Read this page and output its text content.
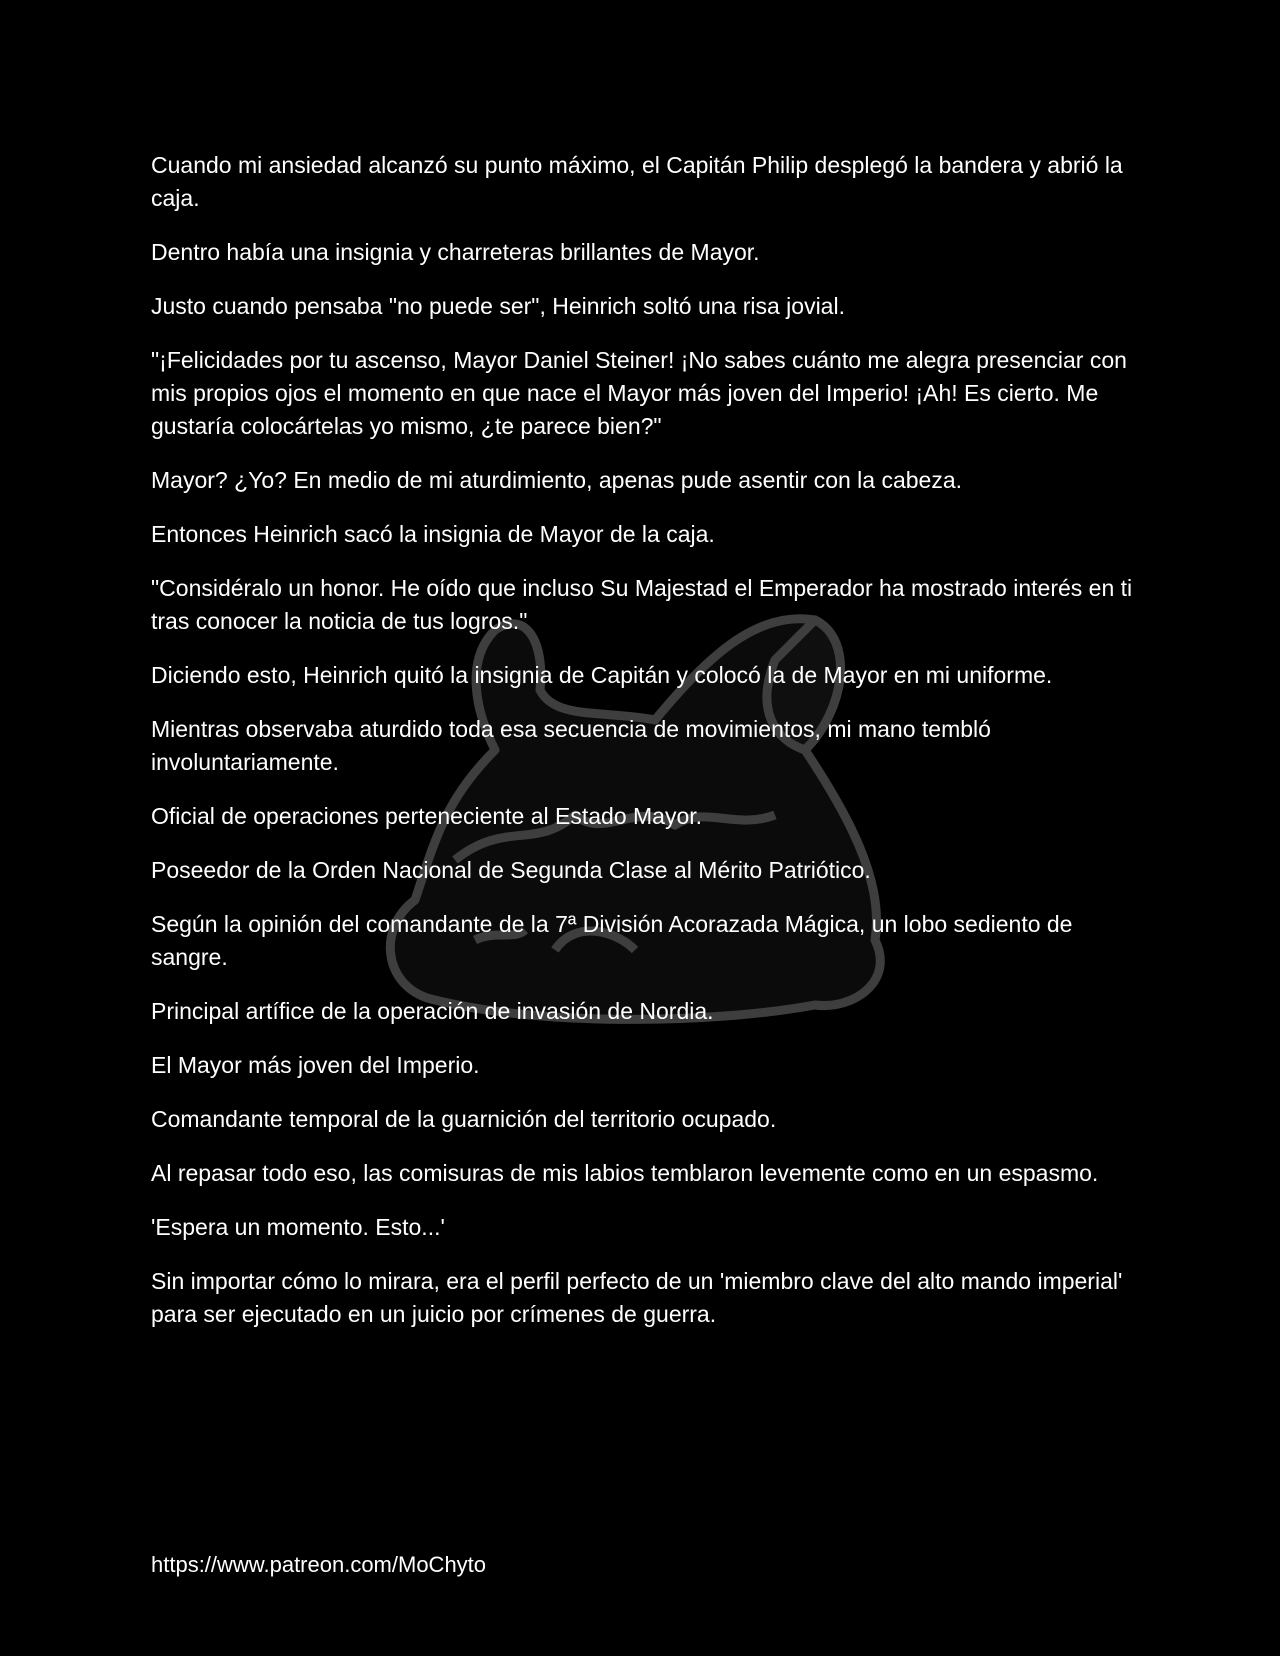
Cuando mi ansiedad alcanzó su punto máximo, el Capitán Philip desplegó la bandera y abrió la caja.

Dentro había una insignia y charreteras brillantes de Mayor.

Justo cuando pensaba "no puede ser", Heinrich soltó una risa jovial.

"¡Felicidades por tu ascenso, Mayor Daniel Steiner! ¡No sabes cuánto me alegra presenciar con mis propios ojos el momento en que nace el Mayor más joven del Imperio! ¡Ah! Es cierto. Me gustaría colocártelas yo mismo, ¿te parece bien?"

Mayor? ¿Yo? En medio de mi aturdimiento, apenas pude asentir con la cabeza.

Entonces Heinrich sacó la insignia de Mayor de la caja.

"Considéralo un honor. He oído que incluso Su Majestad el Emperador ha mostrado interés en ti tras conocer la noticia de tus logros."

Diciendo esto, Heinrich quitó la insignia de Capitán y colocó la de Mayor en mi uniforme.

Mientras observaba aturdido toda esa secuencia de movimientos, mi mano tembló involuntariamente.

Oficial de operaciones perteneciente al Estado Mayor.

Poseedor de la Orden Nacional de Segunda Clase al Mérito Patriótico.

Según la opinión del comandante de la 7ª División Acorazada Mágica, un lobo sediento de sangre.

Principal artífice de la operación de invasión de Nordia.

El Mayor más joven del Imperio.

Comandante temporal de la guarnición del territorio ocupado.

Al repasar todo eso, las comisuras de mis labios temblaron levemente como en un espasmo.

'Espera un momento. Esto...'

Sin importar cómo lo mirara, era el perfil perfecto de un 'miembro clave del alto mando imperial' para ser ejecutado en un juicio por crímenes de guerra.

https://www.patreon.com/MoChyto
